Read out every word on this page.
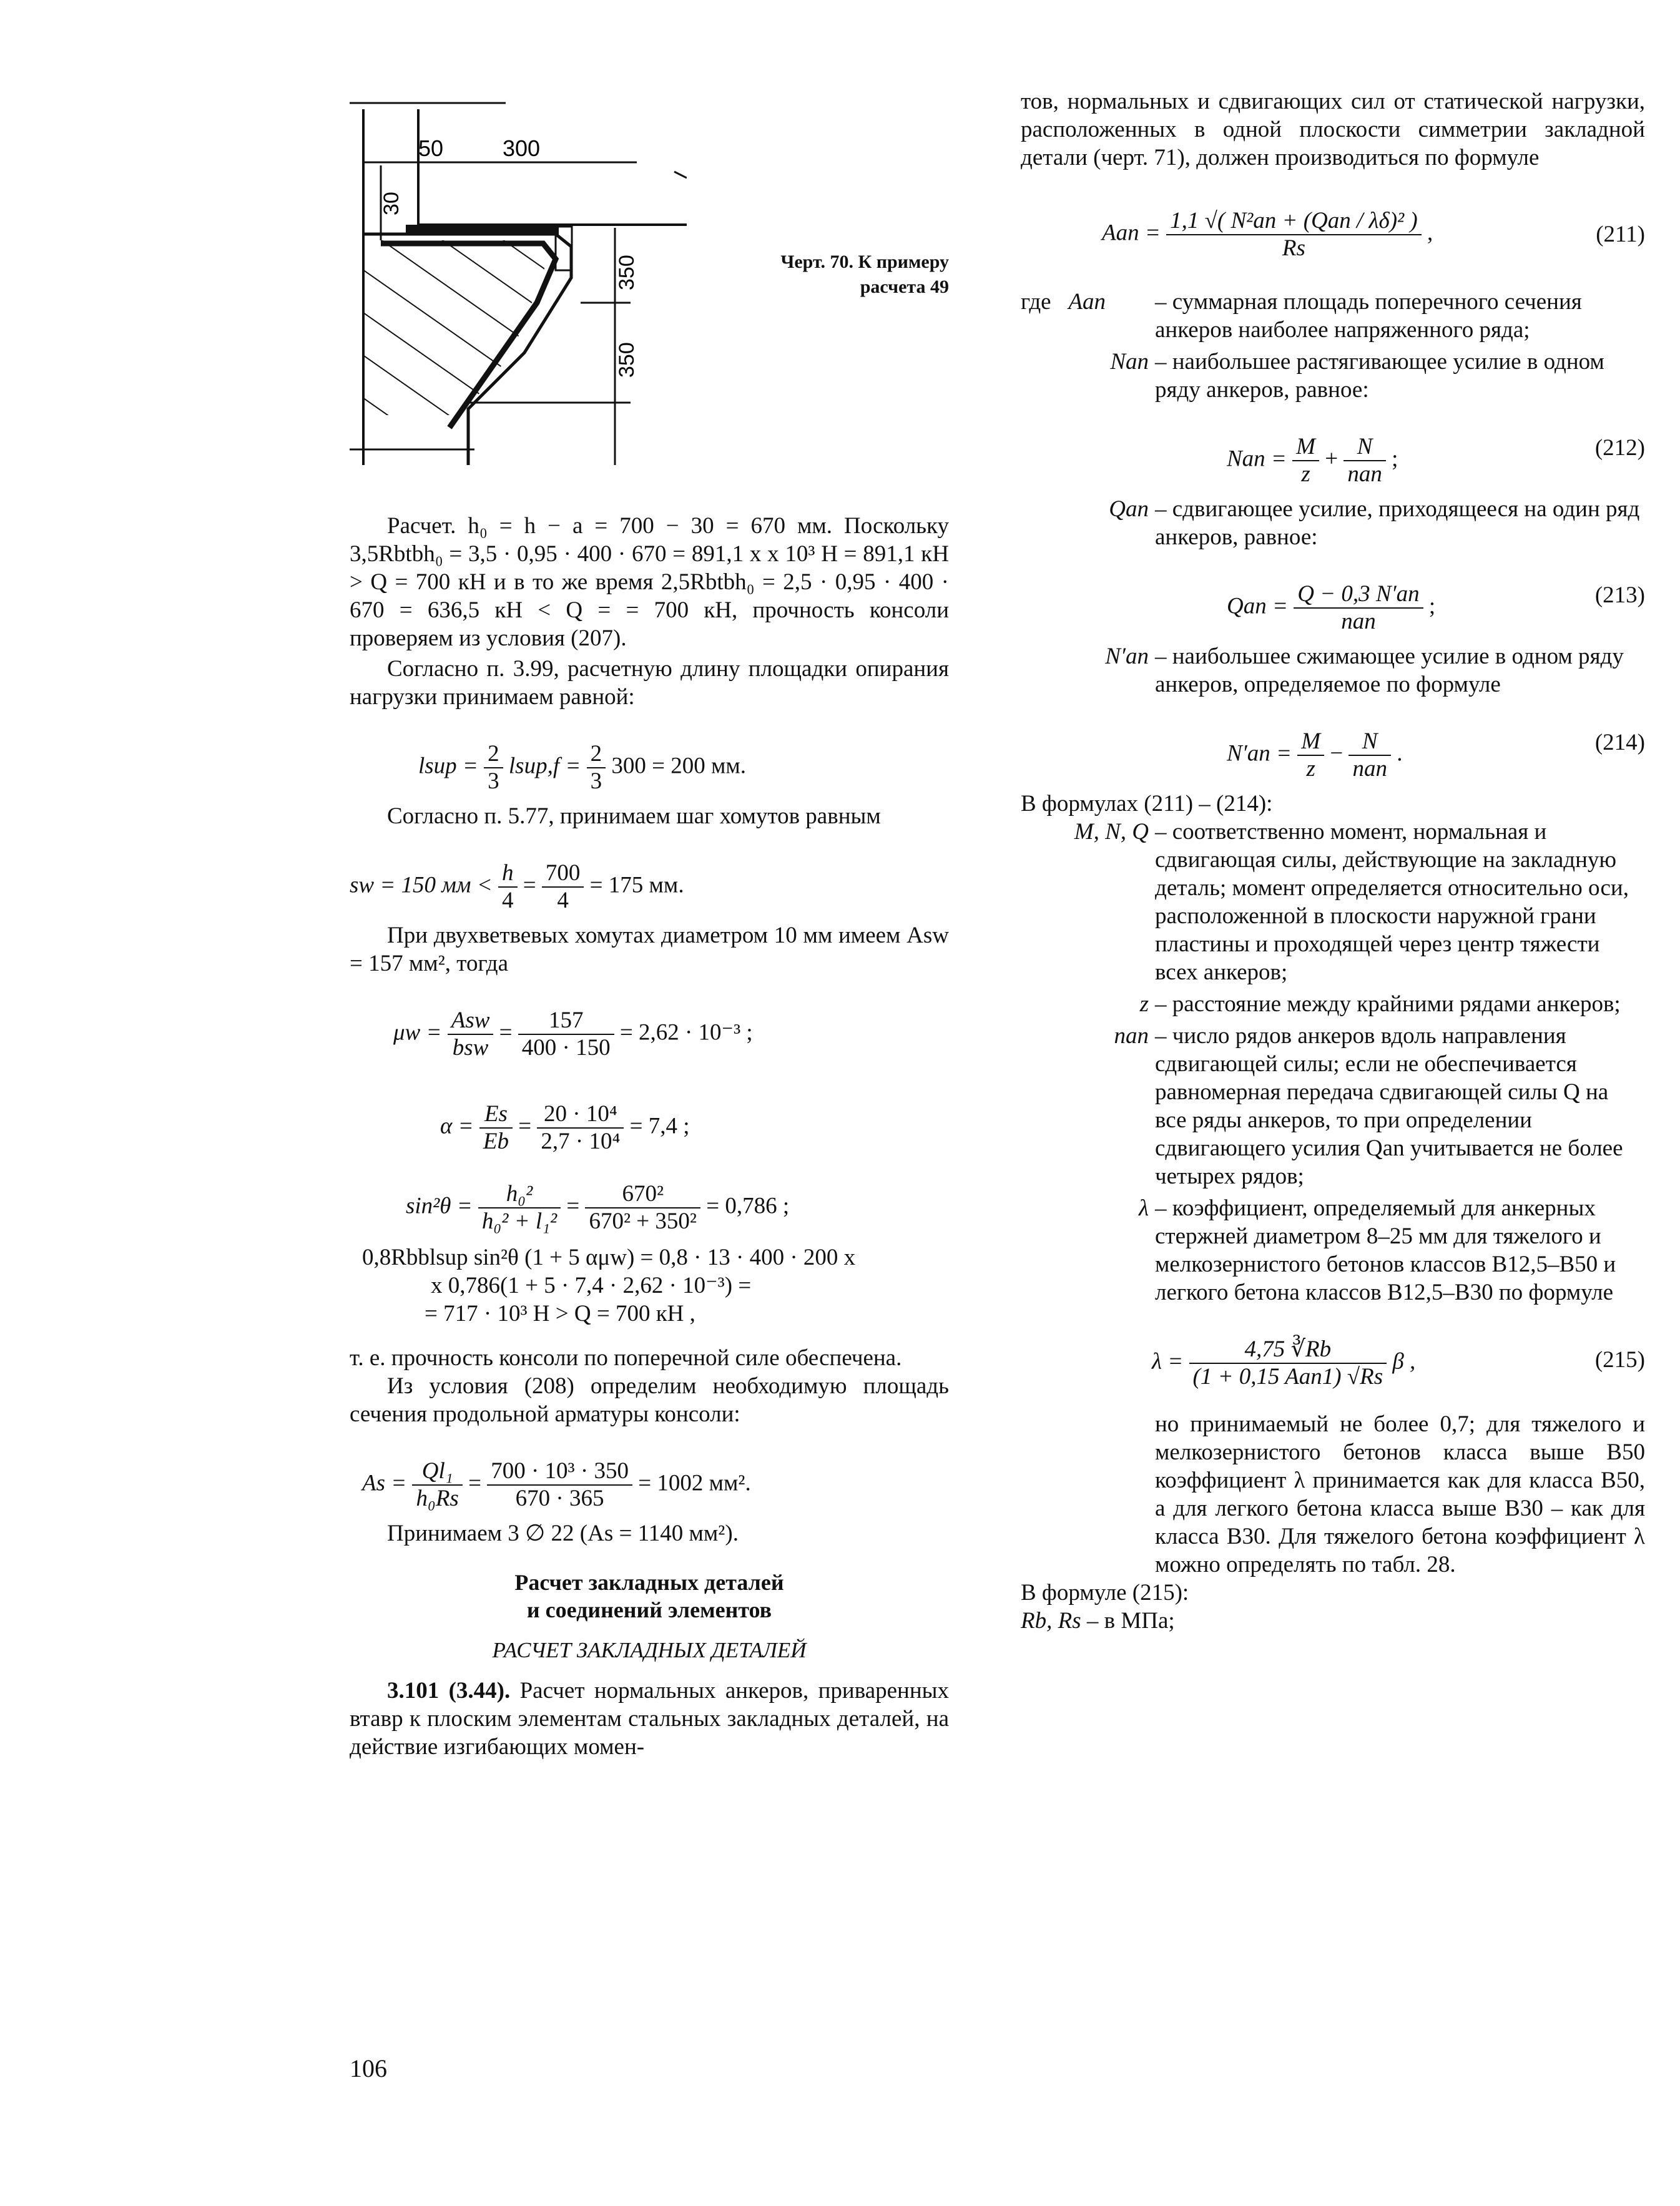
50	300
30
350
350
Черт. 70. К примеру расчета 49

Расчет. h₀ = h − a = 700 − 30 = 670 мм. Поскольку 3,5Rbtbh₀ = 3,5 · 0,95 · 400 · 670 = 891,1 x x 10³ Н = 891,1 кН > Q = 700 кН и в то же время 2,5Rbtbh₀ = 2,5 · 0,95 · 400 · 670 = 636,5 кН < Q = = 700 кН, прочность консоли проверяем из условия (207).

Согласно п. 3.99, расчетную длину площадки опирания нагрузки принимаем равной:

lsup = $\frac{2}{3}$ lsup,f = $\frac{2}{3} 300 = 200$ мм.

Согласно п. 5.77, принимаем шаг хомутов равным

sw = 150 мм < $\frac{h}{4} = \frac{700}{4} = 175$ мм.

При двухветвевых хомутах диаметром 10 мм имеем Asw = 157 мм², тогда

$\mu w = \frac{\text{Asw}}{\text{bsw}} = \frac{157}{400 \cdot 150} = 2,62 \cdot 10^{-3}$ ;
$\alpha = \frac{Es}{Eb} = \frac{\text{20 · 10⁴}}{\text{2,7 · 10⁴}} = 7,4$ ;
$\sin^2\theta = \frac{\text{h₀²}}{\text{h₀² + l₁²}} = \frac{\text{670²}}{\text{670² + 350²}} = 0,786$ ;
0,8Rbblsup sin²θ (1 + 5 αμw) = 0,8 · 13 · 400 · 200 x
x 0,786(1 + 5 · 7,4 · 2,62 · 10⁻³) =
= 717 · 10³ Н > Q = 700 кН ,

т. е. прочность консоли по поперечной силе обеспечена.

Из условия (208) определим необходимую площадь сечения продольной арматуры консоли:

$As = \frac{\text{Ql₁}}{\text{h₀Rs}} = \frac{\text{700 · 10³ · 350}}{670 \cdot 365} = 1002$ мм².

Принимаем 3 ∅ 22 (As = 1140 мм²).

Расчет закладных деталей
и соединений элементов
РАСЧЕТ ЗАКЛАДНЫХ ДЕТАЛЕЙ

3.101 (3.44). Расчет нормальных анкеров, приваренных втавр к плоским элементам стальных закладных деталей, на действие изгибающих момен-

тов, нормальных и сдвигающих сил от статической нагрузки, расположенных в одной плоскости симметрии закладной детали (черт. 71), должен производиться по формуле

Aan = $\frac{\text{1,1 √( N²an + (Qan / λδ)² )}}{Rs}$ ,	(211)
где Aan	– суммарная площадь поперечного сечения анкеров наиболее напряженного ряда;
Nan – наибольшее растягивающее усилие в одном ряду анкеров, равное:
Nan = $\frac{M}{z} + \frac{N}{\text{nan}}$ ;	(212)
Qan – сдвигающее усилие, приходящееся на один ряд анкеров, равное:
Qan = $\frac{Q - 0,3 N'an}{\text{nan}}$ ;	(213)
N′an – наибольшее сжимающее усилие в одном ряду анкеров, определяемое по формуле
$N'an = \frac{M}{z} - \frac{N}{\text{nan}}$ .	(214)

В формулах (211) – (214):

M, N, Q – соответственно момент, нормальная и сдвигающая силы, действующие на закладную деталь; момент определяется относительно оси, расположенной в плоскости наружной грани пластины и проходящей через центр тяжести всех анкеров;
z – расстояние между крайними рядами анкеров;
nan – число рядов анкеров вдоль направления сдвигающей силы; если не обеспечивается равномерная передача сдвигающей силы Q на все ряды анкеров, то при определении сдвигающего усилия Qan учитывается не более четырех рядов;
λ – коэффициент, определяемый для анкерных стержней диаметром 8–25 мм для тяжелого и мелкозернистого бетонов классов В12,5–В50 и легкого бетона классов В12,5–В30 по формуле
$\lambda = \frac{4,75 ∛Rb}{\text{(1 + 0,15 Aan1) √Rs}}$ β ,	(215)

но принимаемый не более 0,7; для тяжелого и мелкозернистого бетонов класса выше В50 коэффициент λ принимается как для класса В50, а для легкого бетона класса выше В30 – как для класса В30. Для тяжелого бетона коэффициент λ можно определять по табл. 28.

В формуле (215):

Rb, Rs – в МПа;

106
